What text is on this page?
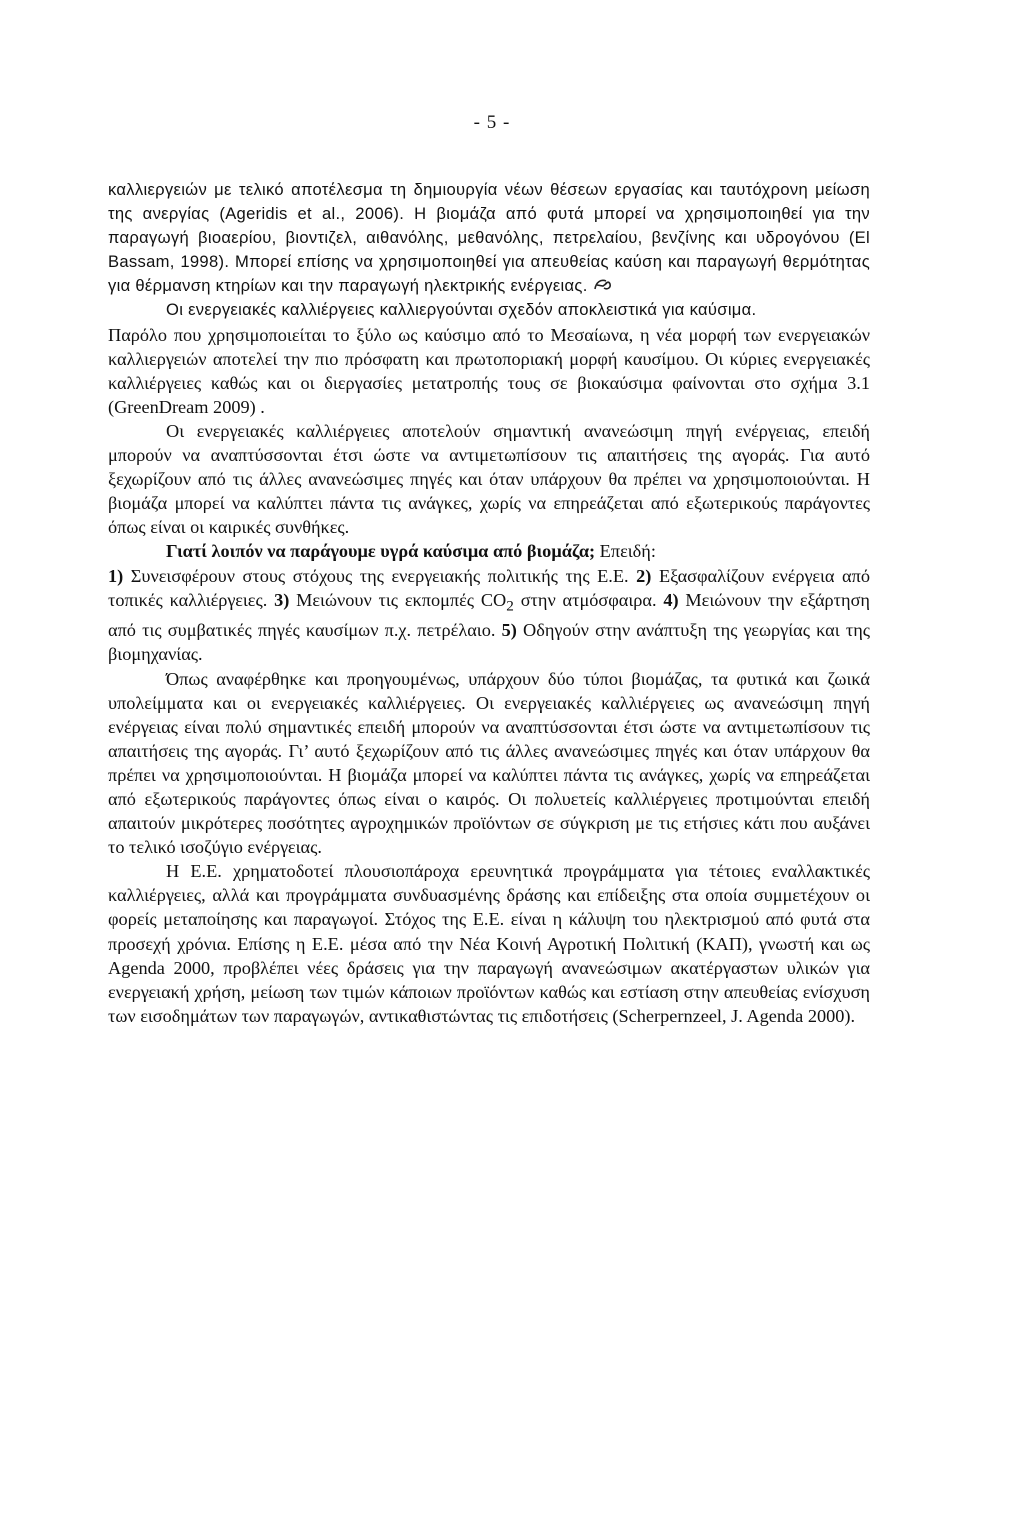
- 5 -

καλλιεργειών με τελικό αποτέλεσμα τη δημιουργία νέων θέσεων εργασίας και ταυτόχρονη μείωση της ανεργίας (Ageridis et al., 2006). Η βιομάζα από φυτά μπορεί να χρησιμοποιηθεί για την παραγωγή βιοαερίου, βιοντιζελ, αιθανόλης, μεθανόλης, πετρελαίου, βενζίνης και υδρογόνου (El Bassam, 1998). Μπορεί επίσης να χρησιμοποιηθεί για απευθείας καύση και παραγωγή θερμότητας για θέρμανση κτηρίων και την παραγωγή ηλεκτρικής ενέργειας.

Οι ενεργειακές καλλιέργειες καλλιεργούνται σχεδόν αποκλειστικά για καύσιμα.

Παρόλο που χρησιμοποιείται το ξύλο ως καύσιμο από το Μεσαίωνα, η νέα μορφή των ενεργειακών καλλιεργειών αποτελεί την πιο πρόσφατη και πρωτοποριακή μορφή καυσίμου. Οι κύριες ενεργειακές καλλιέργειες καθώς και οι διεργασίες μετατροπής τους σε βιοκαύσιμα φαίνονται στο σχήμα 3.1 (GreenDream 2009) .

Οι ενεργειακές καλλιέργειες αποτελούν σημαντική ανανεώσιμη πηγή ενέργειας, επειδή μπορούν να αναπτύσσονται έτσι ώστε να αντιμετωπίσουν τις απαιτήσεις της αγοράς. Για αυτό ξεχωρίζουν από τις άλλες ανανεώσιμες πηγές και όταν υπάρχουν θα πρέπει να χρησιμοποιούνται. Η βιομάζα μπορεί να καλύπτει πάντα τις ανάγκες, χωρίς να επηρεάζεται από εξωτερικούς παράγοντες όπως είναι οι καιρικές συνθήκες.

Γιατί λοιπόν να παράγουμε υγρά καύσιμα από βιομάζα; Επειδή:

1) Συνεισφέρουν στους στόχους της ενεργειακής πολιτικής της Ε.Ε. 2) Εξασφαλίζουν ενέργεια από τοπικές καλλιέργειες. 3) Μειώνουν τις εκπομπές $CO_2$ στην ατμόσφαιρα. 4) Μειώνουν την εξάρτηση από τις συμβατικές πηγές καυσίμων π.χ. πετρέλαιο. 5) Οδηγούν στην ανάπτυξη της γεωργίας και της βιομηχανίας.

Όπως αναφέρθηκε και προηγουμένως, υπάρχουν δύο τύποι βιομάζας, τα φυτικά και ζωικά υπολείμματα και οι ενεργειακές καλλιέργειες. Οι ενεργειακές καλλιέργειες ως ανανεώσιμη πηγή ενέργειας είναι πολύ σημαντικές επειδή μπορούν να αναπτύσσονται έτσι ώστε να αντιμετωπίσουν τις απαιτήσεις της αγοράς. Γι’ αυτό ξεχωρίζουν από τις άλλες ανανεώσιμες πηγές και όταν υπάρχουν θα πρέπει να χρησιμοποιούνται. Η βιομάζα μπορεί να καλύπτει πάντα τις ανάγκες, χωρίς να επηρεάζεται από εξωτερικούς παράγοντες όπως είναι ο καιρός. Οι πολυετείς καλλιέργειες προτιμούνται επειδή απαιτούν μικρότερες ποσότητες αγροχημικών προϊόντων σε σύγκριση με τις ετήσιες κάτι που αυξάνει το τελικό ισοζύγιο ενέργειας.

Η Ε.Ε. χρηματοδοτεί πλουσιοπάροχα ερευνητικά προγράμματα για τέτοιες εναλλακτικές καλλιέργειες, αλλά και προγράμματα συνδυασμένης δράσης και επίδειξης στα οποία συμμετέχουν οι φορείς μεταποίησης και παραγωγοί. Στόχος της Ε.Ε. είναι η κάλυψη του ηλεκτρισμού από φυτά στα προσεχή χρόνια. Επίσης η Ε.Ε. μέσα από την Νέα Κοινή Αγροτική Πολιτική (ΚΑΠ), γνωστή και ως Agenda 2000, προβλέπει νέες δράσεις για την παραγωγή ανανεώσιμων ακατέργαστων υλικών για ενεργειακή χρήση, μείωση των τιμών κάποιων προϊόντων καθώς και εστίαση στην απευθείας ενίσχυση των εισοδημάτων των παραγωγών, αντικαθιστώντας τις επιδοτήσεις (Scherpernzeel, J. Agenda 2000).
